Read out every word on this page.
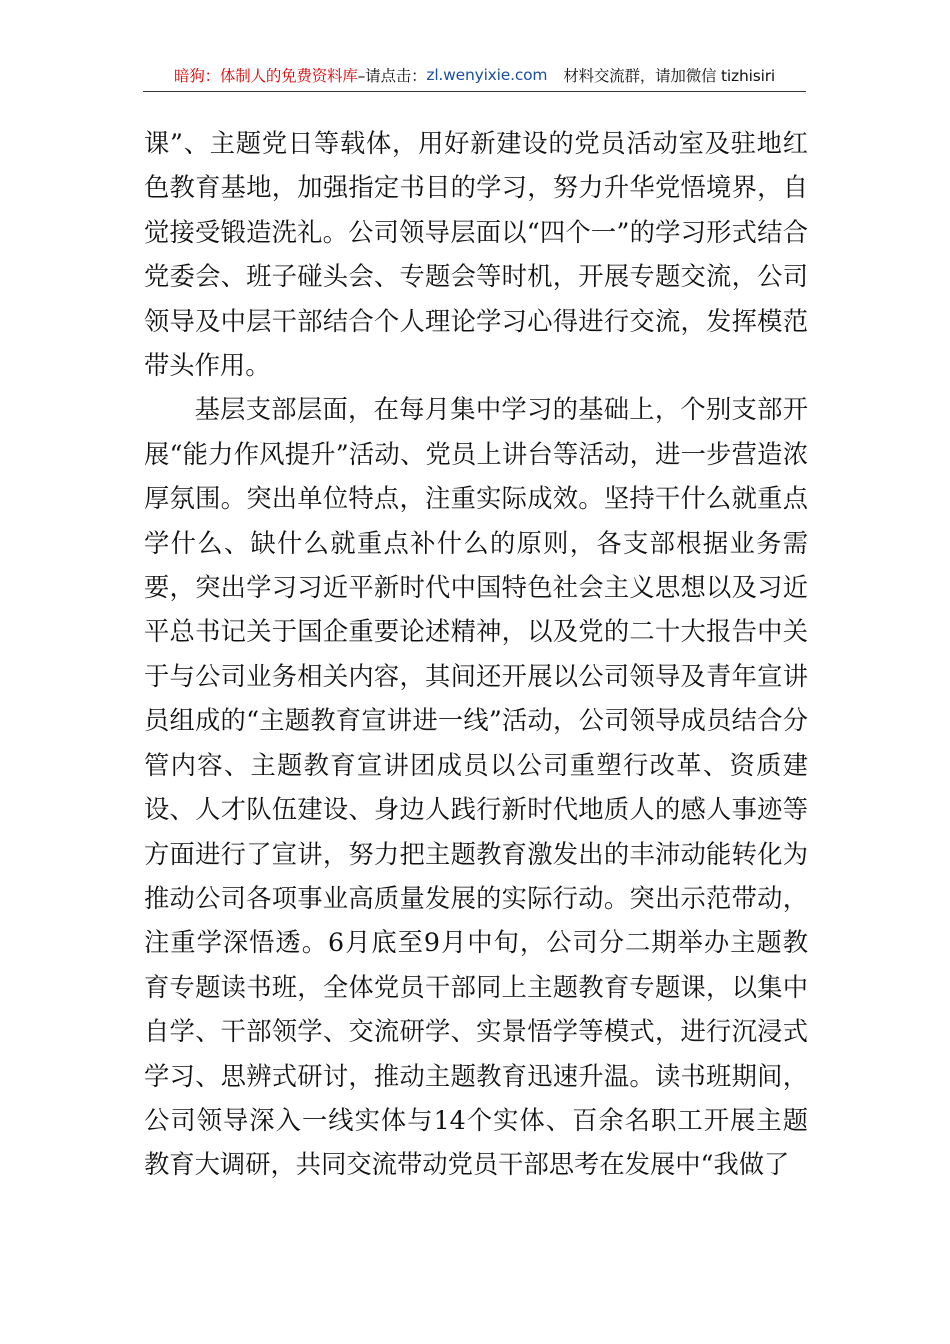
暗狗：体制人的免费资料库 –请点击： zl.wenyixie.com 材料交流群，请加微信 tizhisiri

课”、主题党日等载体，用好新建设的党员活动室及驻地红色教育基地，加强指定书目的学习，努力升华党悟境界，自觉接受锻造洗礼。公司领导层面以“四个一”的学习形式结合党委会、班子碰头会、专题会等时机，开展专题交流，公司领导及中层干部结合个人理论学习心得进行交流，发挥模范带头作用。

基层支部层面，在每月集中学习的基础上，个别支部开展“能力作风提升”活动、党员上讲台等活动，进一步营造浓厚氛围。突出单位特点，注重实际成效。坚持干什么就重点学什么、缺什么就重点补什么的原则，各支部根据业务需要，突出学习习近平新时代中国特色社会主义思想以及习近平总书记关于国企重要论述精神，以及党的二十大报告中关于与公司业务相关内容，其间还开展以公司领导及青年宣讲员组成的“主题教育宣讲进一线”活动，公司领导成员结合分管内容、主题教育宣讲团成员以公司重塑行改革、资质建设、人才队伍建设、身边人践行新时代地质人的感人事迹等方面进行了宣讲，努力把主题教育激发出的丰沛动能转化为推动公司各项事业高质量发展的实际行动。突出示范带动，注重学深悟透。6月底至9月中旬，公司分二期举办主题教育专题读书班，全体党员干部同上主题教育专题课，以集中自学、干部领学、交流研学、实景悟学等模式，进行沉浸式学习、思辨式研讨，推动主题教育迅速升温。读书班期间，公司领导深入一线实体与14个实体、百余名职工开展主题教育大调研，共同交流带动党员干部思考在发展中“我做了
